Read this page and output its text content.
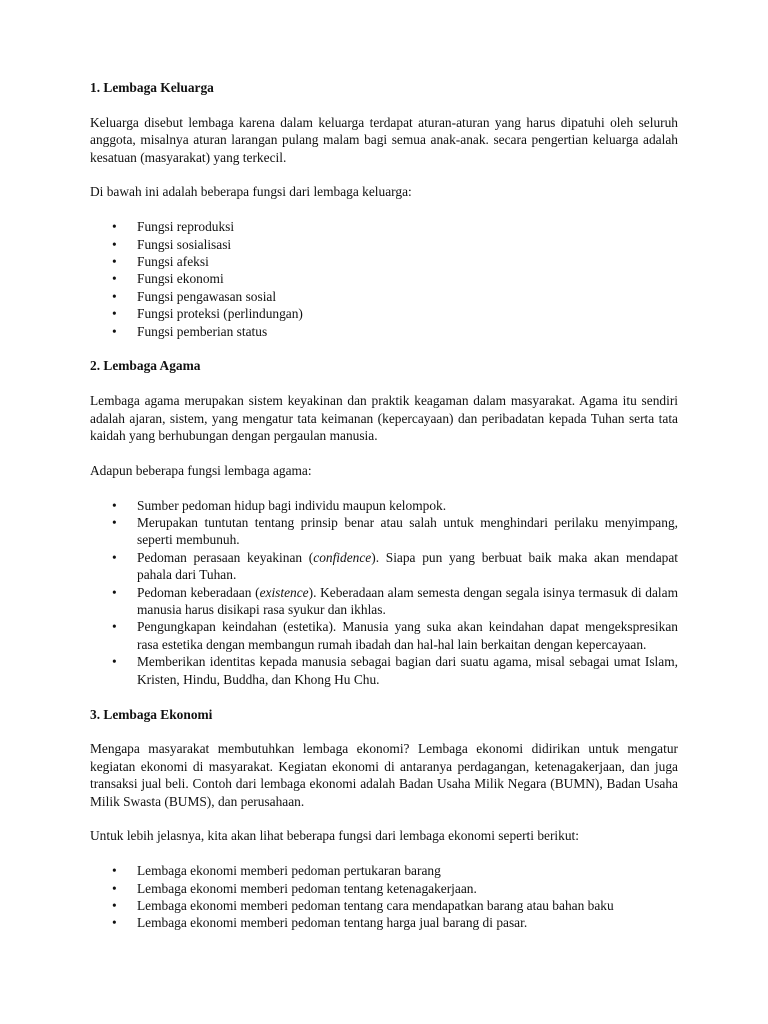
1. Lembaga Keluarga

Keluarga disebut lembaga karena dalam keluarga terdapat aturan-aturan yang harus dipatuhi oleh seluruh anggota, misalnya aturan larangan pulang malam bagi semua anak-anak. secara pengertian keluarga adalah kesatuan (masyarakat) yang terkecil.

Di bawah ini adalah beberapa fungsi dari lembaga keluarga:

• Fungsi reproduksi
• Fungsi sosialisasi
• Fungsi afeksi
• Fungsi ekonomi
• Fungsi pengawasan sosial
• Fungsi proteksi (perlindungan)
• Fungsi pemberian status
2. Lembaga Agama

Lembaga agama merupakan sistem keyakinan dan praktik keagaman dalam masyarakat. Agama itu sendiri adalah ajaran, sistem, yang mengatur tata keimanan (kepercayaan) dan peribadatan kepada Tuhan serta tata kaidah yang berhubungan dengan pergaulan manusia.

Adapun beberapa fungsi lembaga agama:

• Sumber pedoman hidup bagi individu maupun kelompok.
• Merupakan tuntutan tentang prinsip benar atau salah untuk menghindari perilaku menyimpang, seperti membunuh.
• Pedoman perasaan keyakinan (confidence). Siapa pun yang berbuat baik maka akan mendapat pahala dari Tuhan.
• Pedoman keberadaan (existence). Keberadaan alam semesta dengan segala isinya termasuk di dalam manusia harus disikapi rasa syukur dan ikhlas.
• Pengungkapan keindahan (estetika). Manusia yang suka akan keindahan dapat mengekspresikan rasa estetika dengan membangun rumah ibadah dan hal-hal lain berkaitan dengan kepercayaan.
• Memberikan identitas kepada manusia sebagai bagian dari suatu agama, misal sebagai umat Islam, Kristen, Hindu, Buddha, dan Khong Hu Chu.
3. Lembaga Ekonomi

Mengapa masyarakat membutuhkan lembaga ekonomi? Lembaga ekonomi didirikan untuk mengatur kegiatan ekonomi di masyarakat. Kegiatan ekonomi di antaranya perdagangan, ketenagakerjaan, dan juga transaksi jual beli. Contoh dari lembaga ekonomi adalah Badan Usaha Milik Negara (BUMN), Badan Usaha Milik Swasta (BUMS), dan perusahaan.

Untuk lebih jelasnya, kita akan lihat beberapa fungsi dari lembaga ekonomi seperti berikut:

• Lembaga ekonomi memberi pedoman pertukaran barang
• Lembaga ekonomi memberi pedoman tentang ketenagakerjaan.
• Lembaga ekonomi memberi pedoman tentang cara mendapatkan barang atau bahan baku
• Lembaga ekonomi memberi pedoman tentang harga jual barang di pasar.
